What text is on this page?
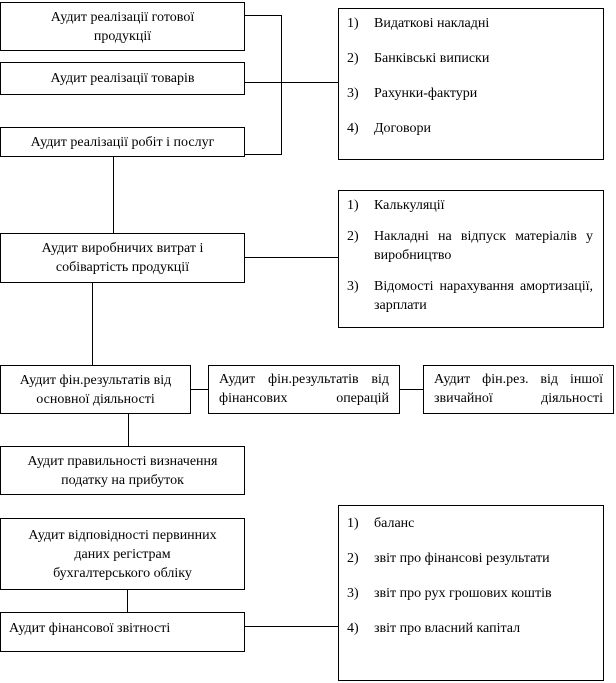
Аудит реалізації готової продукції
Аудит реалізації товарів
Аудит реалізації робіт і послуг
Аудит виробничих витрат і собівартість продукції
Аудит фін.результатів від основної діяльності
Аудит фін.результатів від фінансових операцій
Аудит фін.рез. від іншої звичайної діяльності
Аудит правильності визначення податку на прибуток
Аудит відповідності первинних даних регістрам бухгалтерського обліку
Аудит фінансової звітності
1) Видаткові накладні
2) Банківські виписки
3) Рахунки-фактури
4) Договори
1) Калькуляції
2) Накладні на відпуск матеріалів у виробництво
3) Відомості нарахування амортизації, зарплати
1) баланс
2) звіт про фінансові результати
3) звіт про рух грошових коштів
4) звіт про власний капітал
